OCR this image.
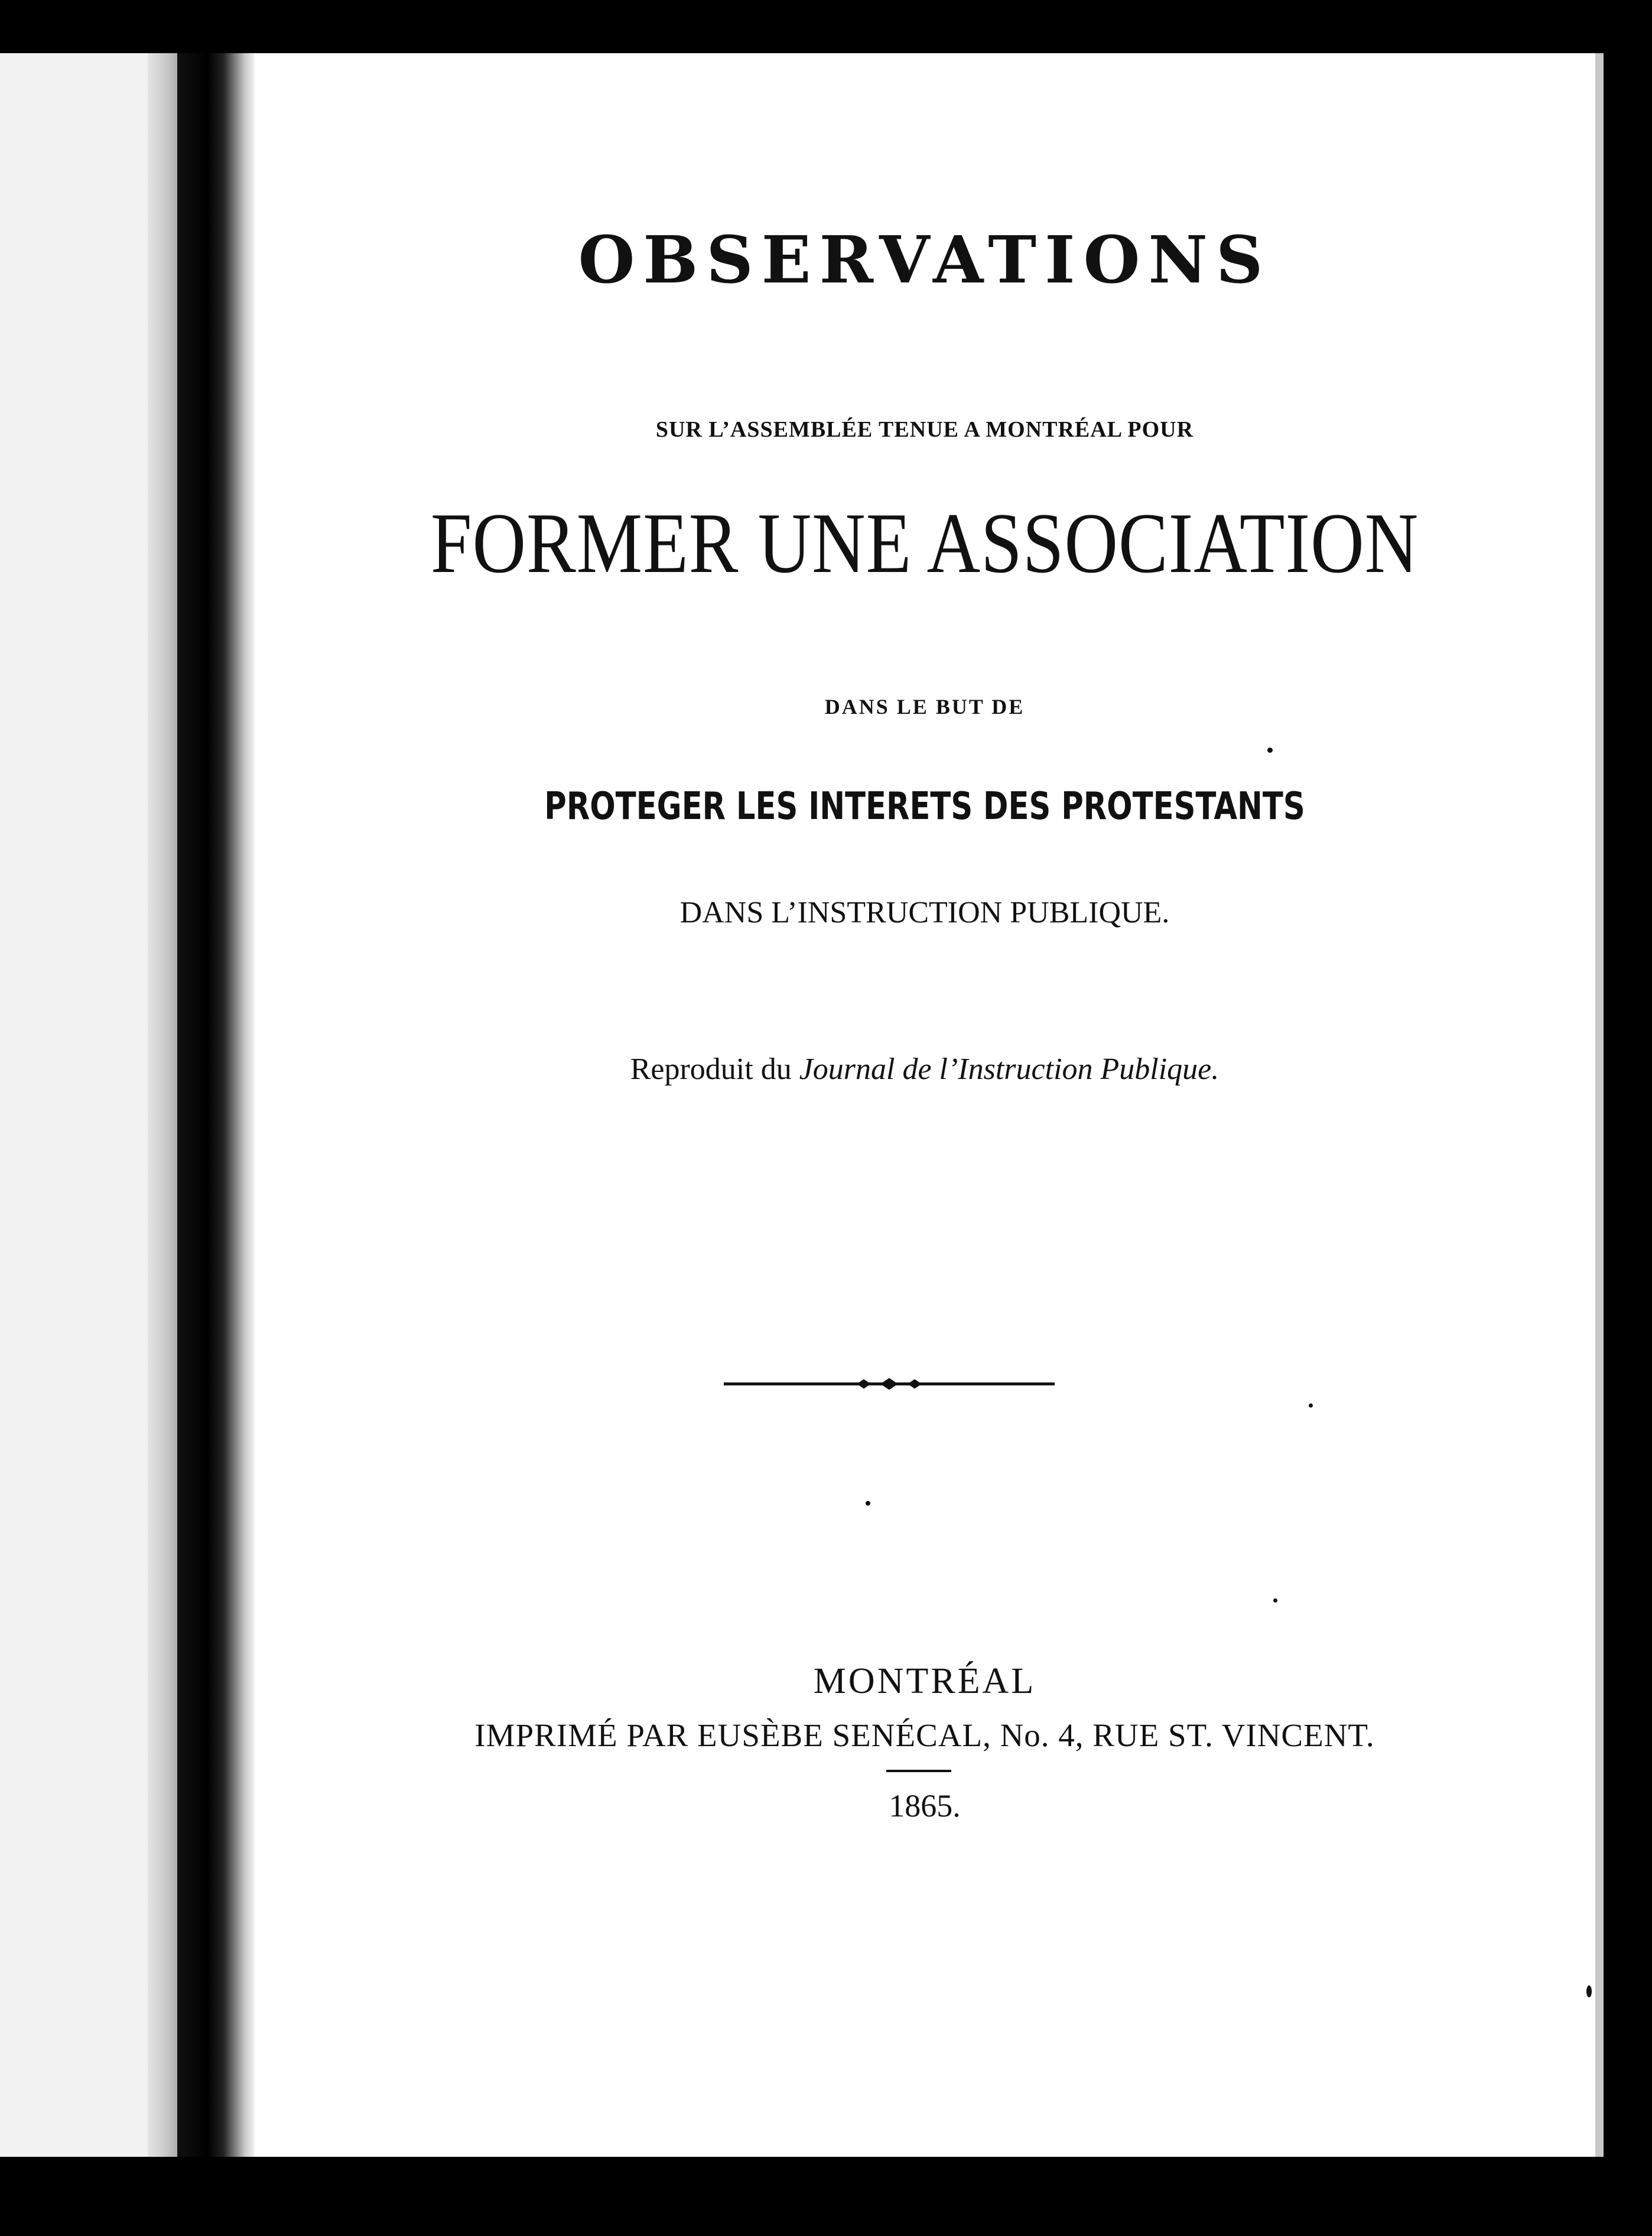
OBSERVATIONS
SUR L’ASSEMBLÉE TENUE A MONTRÉAL POUR
FORMER UNE ASSOCIATION
DANS LE BUT DE
PROTEGER LES INTERETS DES PROTESTANTS
DANS L’INSTRUCTION PUBLIQUE.
Reproduit du Journal de l’Instruction Publique.
MONTRÉAL
IMPRIMÉ PAR EUSÈBE SENÉCAL, No. 4, RUE ST. VINCENT.
1865.
